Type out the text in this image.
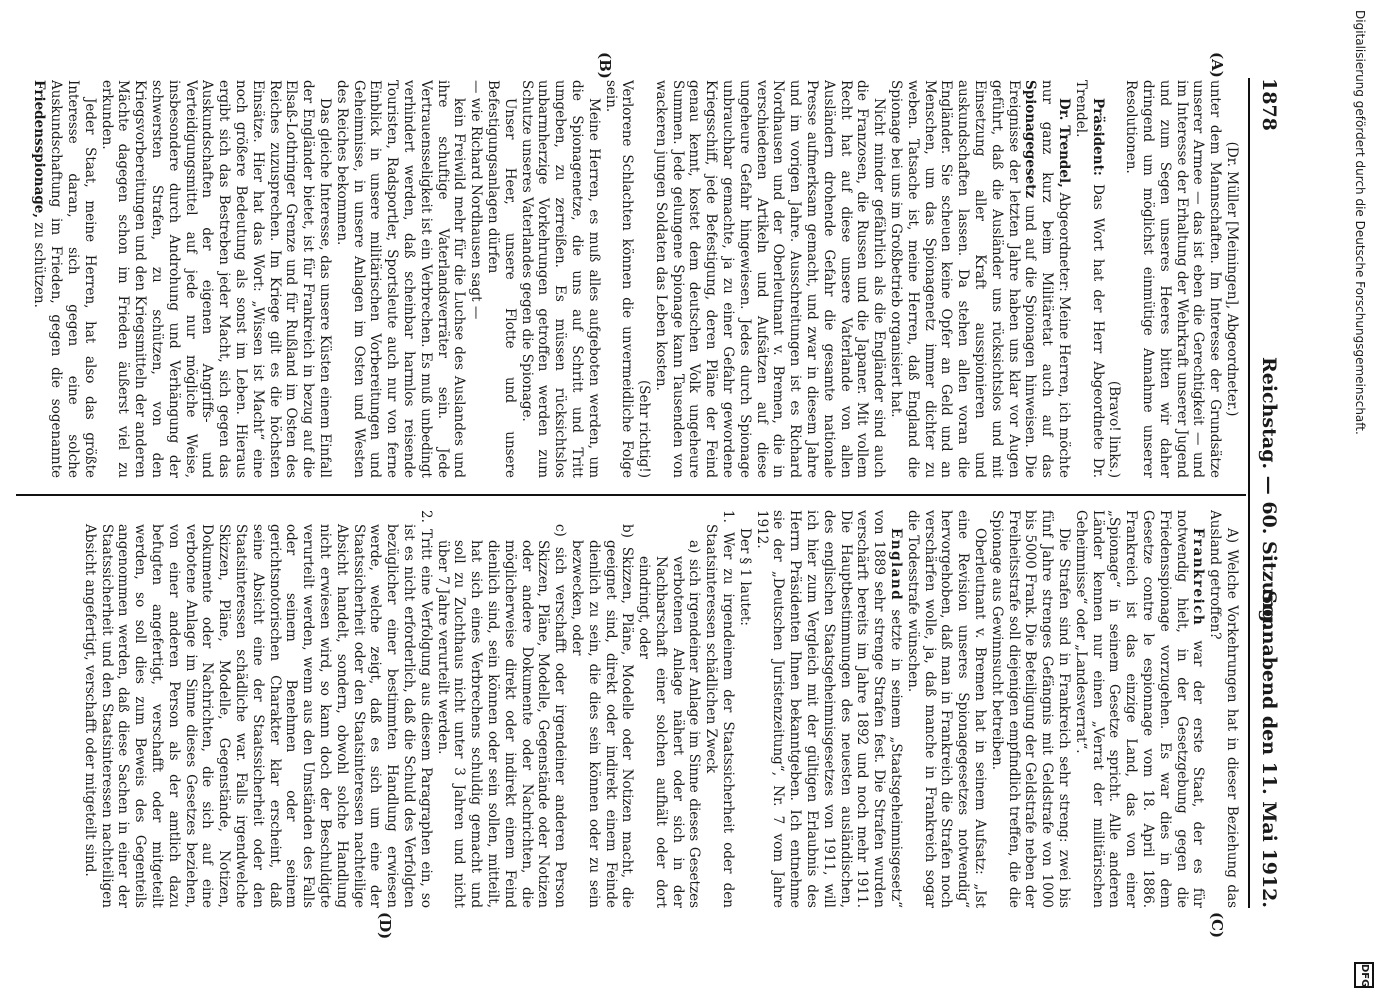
1878
Reichstag. — 60. Sitzung.
Sonnabend den 11. Mai 1912.
(A)
(B)
(C)
(D)

(Dr. Müller [Meiningen], Abgeordneter.)

unter dem Mannschaften. Im Interesse der Grundsätze unserer Armee — das ist eben die Gerechtigkeit — und im Interesse der Erhaltung der Wehrkraft unserer Jugend und zum Segen unseres Heeres bitten wir daher dringend um möglichst einmütige Annahme unserer Resolutionen.

(Bravo! links.)

Präsident: Das Wort hat der Herr Abgeordnete Dr. Trendel.

Dr. Trendel, Abgeordneter: Meine Herren, ich möchte nur ganz kurz beim Militäretat auch auf das Spionagegesetz und auf die Spionagen hinweisen. Die Ereignisse der letzten Jahre haben uns klar vor Augen geführt, daß die Ausländer uns rücksichtslos und mit Einsetzung aller Kraft ausspionieren und auskundschaften lassen. Da stehen allen voran die Engländer. Sie scheuen keine Opfer an Geld und an Menschen, um das Spionagenetz immer dichter zu weben. Tatsache ist, meine Herren, daß England die Spionage bei uns im Großbetrieb organisiert hat.

Nicht minder gefährlich als die Engländer sind auch die Franzosen, die Russen und die Japaner. Mit vollem Recht hat auf diese unsere Vaterlande von allen Ausländern drohende Gefahr die gesamte nationale Presse aufmerksam gemacht, und zwar in diesem Jahre und im vorigen Jahre. Ausschreitungen ist es Richard Nordhausen und der Oberleutnant v. Bremen, die in verschiedenen Artikeln und Aufsätzen auf diese ungeheure Gefahr hingewiesen. Jedes durch Spionage unbrauchbar gemachte, ja zu einer Gefahr gewordene Kriegsschiff, jede Befestigung, deren Pläne der Feind genau kennt, kostet dem deutschen Volk ungeheure Summen. Jede gelungene Spionage kann Tausenden von wackeren jungen Soldaten das Leben kosten.

(Sehr richtig!)

Verlorene Schlachten können die unvermeidliche Folge sein.

Meine Herren, es muß alles aufgeboten werden, um die Spionagenetze, die uns auf Schritt und Tritt umgeben, zu zerreißen. Es müssen rücksichtslos unbarmherzige Vorkehrungen getroffen werden zum Schutze unseres Vaterlandes gegen die Spionage.

Unser Heer, unsere Flotte und unsere Befestigungsanlagen dürfen

— wie Richard Nordhausen sagt —

kein Freiwild mehr für die Luchse des Auslandes und ihre schuftige Vaterlandsverräter sein. Jede Vertrauensseligkeit ist ein Verbrechen. Es muß unbedingt verhindert werden, daß scheinbar harmlos reisende Touristen, Radsportler, Sportsleute auch nur von ferne Einblick in unsere militärischen Vorbereitungen und Geheimnisse, in unsere Anlagen im Osten und Westen des Reiches bekommen.

Das gleiche Interesse, das unsere Küsten einem Einfall der Engländer bietet, ist für Frankreich in bezug auf die Elsaß-Lothringer Grenze und für Rußland im Osten des Reiches zuzusprechen. Im Kriege gilt es die höchsten Einsätze. Hier hat das Wort: „Wissen ist Macht“ eine noch größere Bedeutung als sonst im Leben. Hieraus ergibt sich das Bestreben jeder Macht, sich gegen das Auskundschaften der eigenen Angriffs- und Verteidigungsmittel auf jede nur mögliche Weise, insbesondere durch Androhung und Verhängung der schwersten Strafen, zu schützen, von den Kriegsvorbereitungen und den Kriegsmitteln der anderen Mächte dagegen schon im Frieden äußerst viel zu erkunden.

Jeder Staat, meine Herren, hat also das größte Interesse daran, sich gegen eine solche Auskundschaftung im Frieden, gegen die sogenannte Friedensspionage, zu schützen.

A) Welche Vorkehrungen hat in dieser Beziehung das Ausland getroffen?

Frankreich war der erste Staat, der es für notwendig hielt, in der Gesetzgebung gegen die Friedensspionage vorzugehen. Es war dies in dem Gesetze contre le espionnage vom 18. April 1886. Frankreich ist das einzige Land, das von einer „Spionage“ in seinem Gesetze spricht. Alle anderen Länder kennen nur einen „Verrat der militärischen Geheimnisse“ oder „Landesverrat“.

Die Strafen sind in Frankreich sehr streng: zwei bis fünf Jahre strenges Gefängnis mit Geldstrafe von 1000 bis 5000 Frank. Die Beteiligung der Geldstrafe neben der Freiheitsstrafe soll diejenigen empfindlich treffen, die die Spionage aus Gewinnsucht betreiben.

Oberleutnant v. Bremen hat in seinem Aufsatz: „Ist eine Revision unseres Spionagegesetzes notwendig“ hervorgehoben, daß man in Frankreich die Strafen noch verschärfen wolle, ja, daß manche in Frankreich sogar die Todesstrafe wünschen.

England setzte in seinem „Staatsgeheimnisgesetz“ von 1889 sehr strenge Strafen fest. Die Strafen wurden verschärft bereits im Jahre 1892 und noch mehr 1911. Die Hauptbestimmungen des neuesten ausländischen, des englischen Staatsgeheimnisgesetzes von 1911, will ich hier zum Vergleich mit der gültigen Erlaubnis des Herrn Präsidenten Ihnen bekanntgeben. Ich entnehme sie der „Deutschen Juristenzeitung“, Nr. 7 vom Jahre 1912.

Der § 1 lautet:

1. Wer zu irgendeinem der Staatssicherheit oder den Staatsinteressen schädlichen Zweck

a) sich irgendeiner Anlage im Sinne dieses Gesetzes verbotenen Anlage nähert oder sich in der Nachbarschaft einer solchen aufhält oder dort eindringt, oder

b) Skizzen, Pläne, Modelle oder Notizen macht, die geeignet sind, direkt oder indirekt einem Feinde dienlich zu sein, die dies sein können oder zu sein bezwecken, oder

c) sich verschafft oder irgendeiner anderen Person Skizzen, Pläne, Modelle, Gegenstände oder Notizen oder andere Dokumente oder Nachrichten, die möglicherweise direkt oder indirekt einem Feind dienlich sind, sein können oder sein sollen, mitteilt, hat sich eines Verbrechens schuldig gemacht und soll zu Zuchthaus nicht unter 3 Jahren und nicht über 7 Jahre verurteilt werden.

2. Tritt eine Verfolgung aus diesem Paragraphen ein, so ist es nicht erforderlich, daß die Schuld des Verfolgten bezüglicher einer bestimmten Handlung erwiesen werde, welche zeigt, daß es sich um eine der Staatssicherheit oder den Staatsinteressen nachteilige Absicht handelt, sondern, obwohl solche Handlung nicht erwiesen wird, so kann doch der Beschuldigte verurteilt werden, wenn aus den Umständen des Falls oder seinem Benehmen oder seinem gerichtsnotorischen Charakter klar erscheint, daß seine Absicht eine der Staatssicherheit oder den Staatsinteressen schädliche war. Falls irgendwelche Skizzen, Pläne, Modelle, Gegenstände, Notizen, Dokumente oder Nachrichten, die sich auf eine verbotene Anlage im Sinne dieses Gesetzes beziehen, von einer anderen Person als der amtlich dazu befugten angefertigt, verschafft oder mitgeteilt werden, so soll dies zum Beweis des Gegenteils angenommen werden, daß diese Sachen in einer der Staatssicherheit und den Staatsinteressen nachteiligen Absicht angefertigt, verschafft oder mitgeteilt sind.

Digitalisierung gefördert durch die Deutsche Forschungsgemeinschaft.
DFG
